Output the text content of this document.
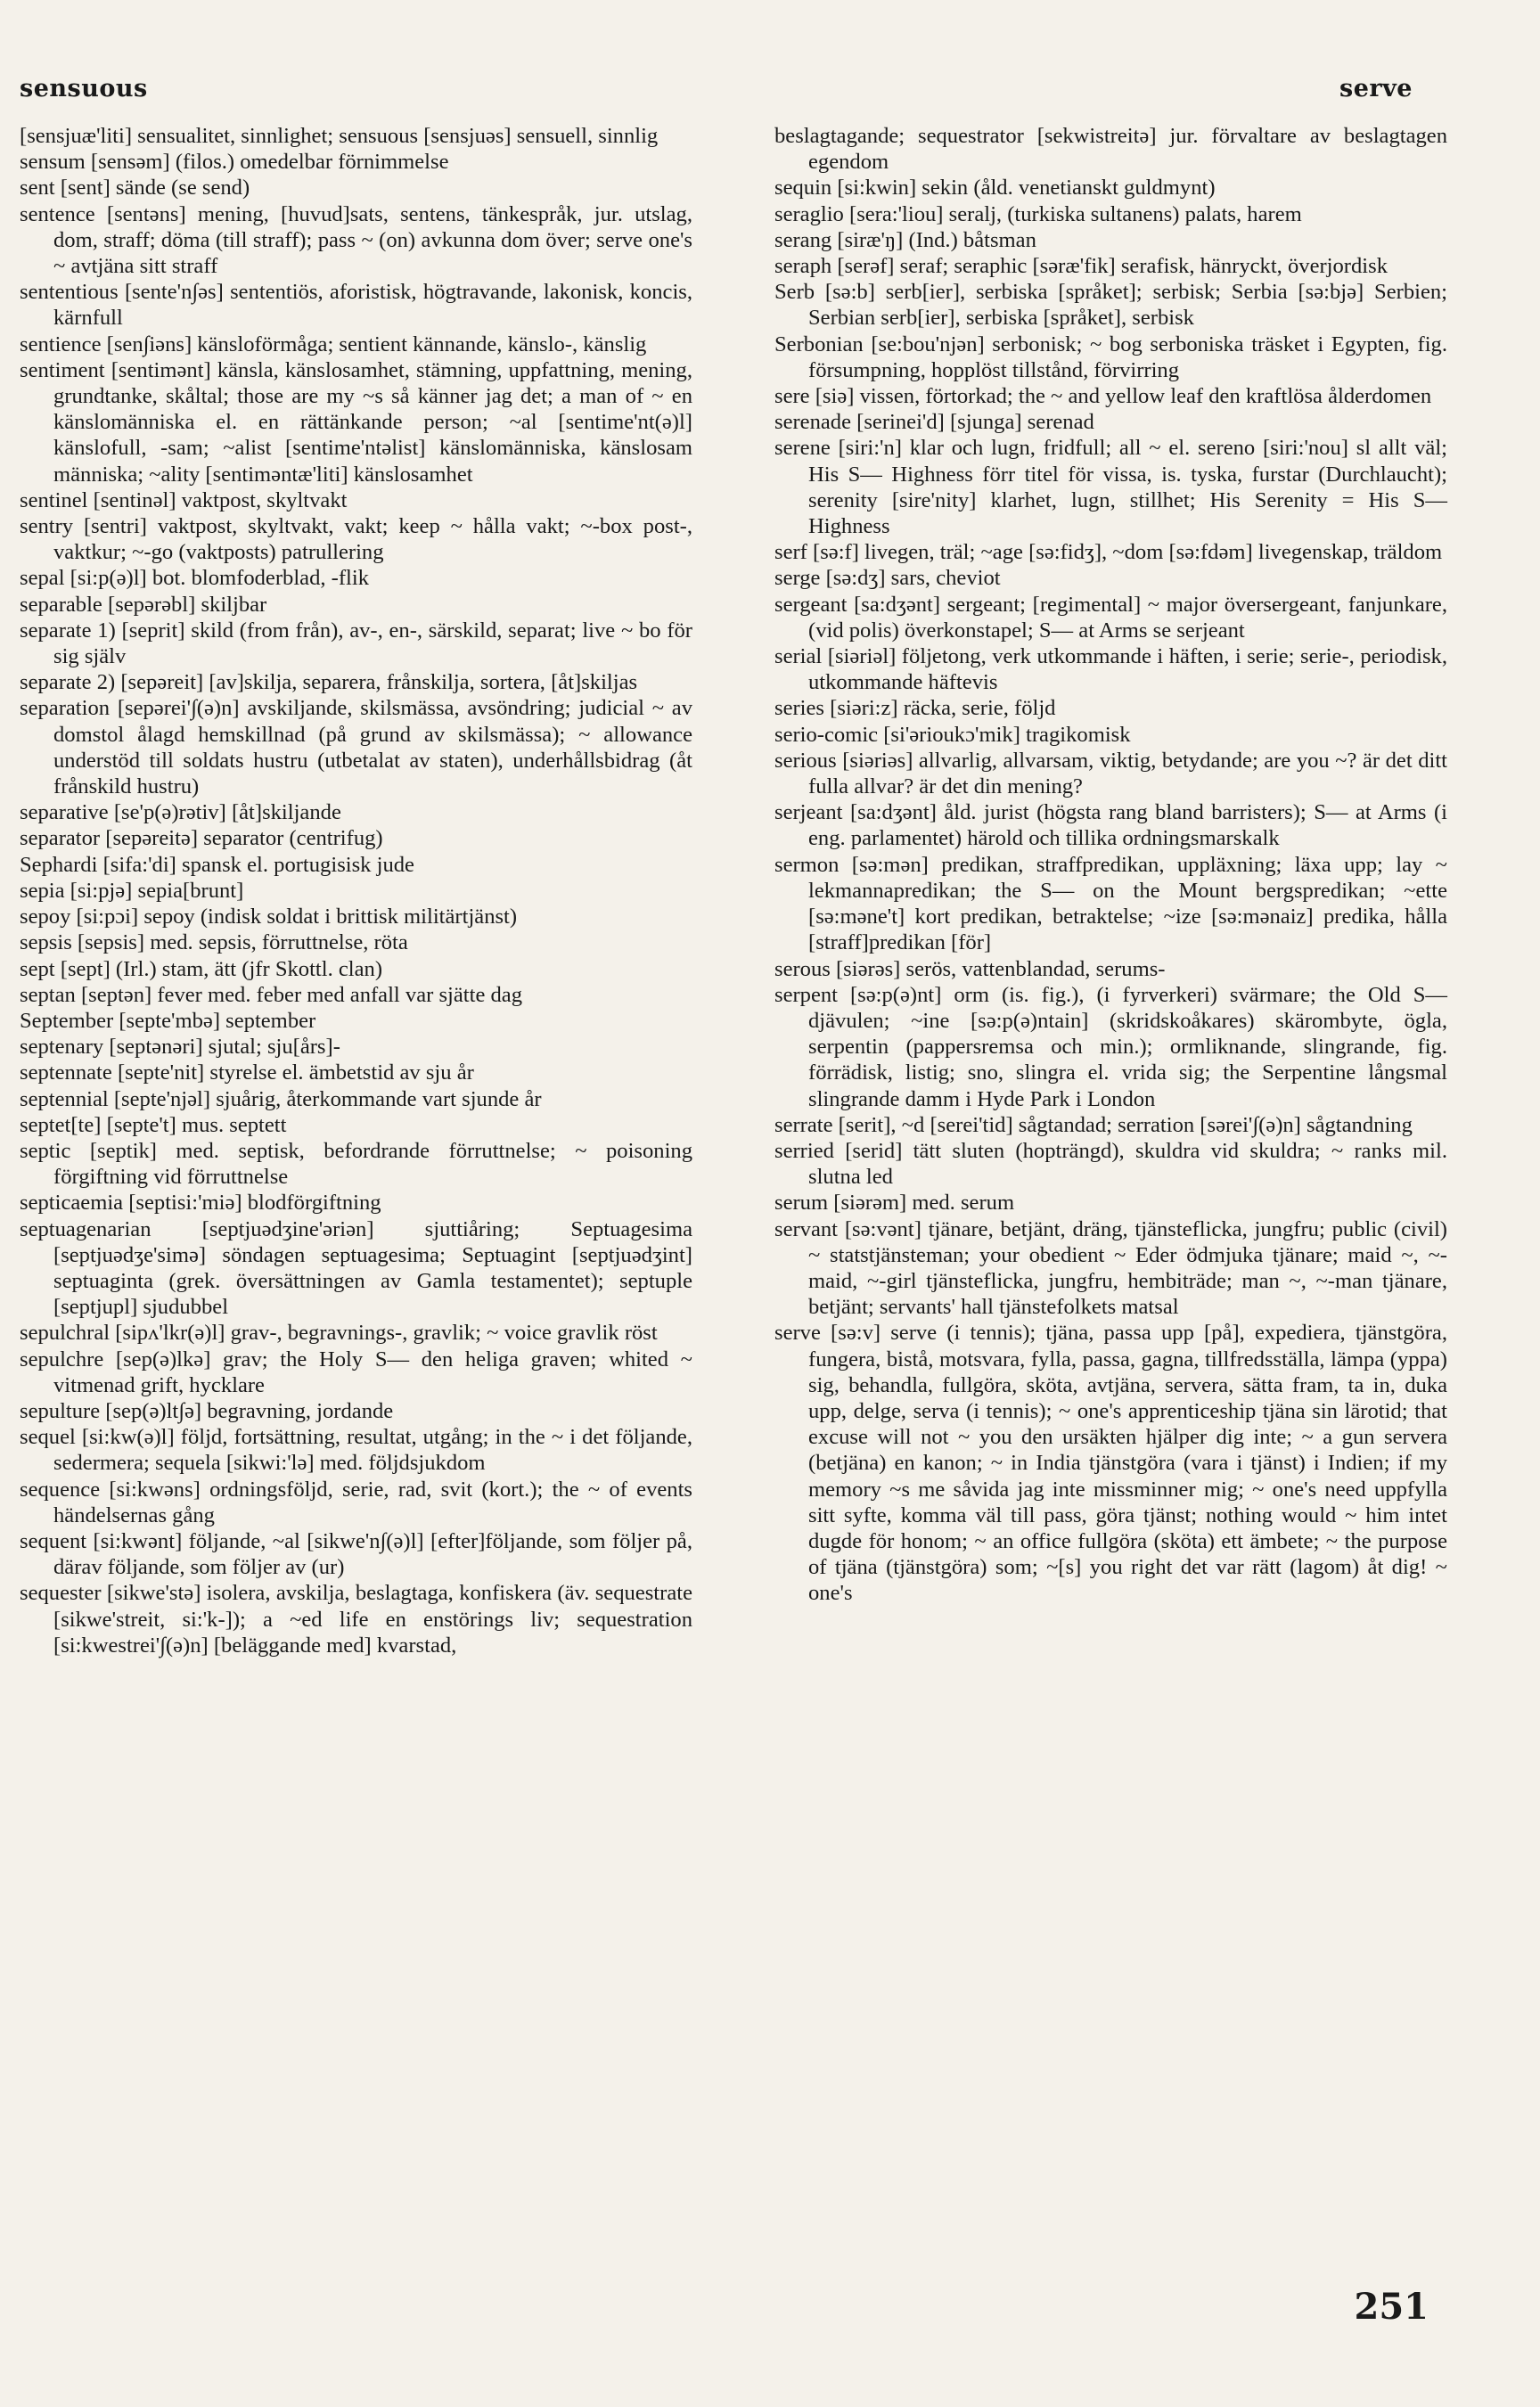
sensuous	serve

[sensjuæ'liti] sensualitet, sinnlighet; sensuous [sensjuəs] sensuell, sinnlig

sensum [sensəm] (filos.) omedelbar förnimmelse

sent [sent] sände (se send)

sentence [sentəns] mening, [huvud]sats, sentens, tänkespråk, jur. utslag, dom, straff; döma (till straff); pass ~ (on) avkunna dom över; serve one's ~ avtjäna sitt straff

sententious [sente'n∫əs] sententiös, aforistisk, högtravande, lakonisk, koncis, kärnfull

sentience [sen∫iəns] känsloförmåga; sentient kännande, känslo-, känslig

sentiment [sentimənt] känsla, känslosamhet, stämning, uppfattning, mening, grundtanke, skåltal; those are my ~s så känner jag det; a man of ~ en känslomänniska el. en rättänkande person; ~al [sentime'nt(ə)l] känslofull, -sam; ~alist [sentime'ntəlist] känslomänniska, känslosam människa; ~ality [sentiməntæ'liti] känslosamhet

sentinel [sentinəl] vaktpost, skyltvakt

sentry [sentri] vaktpost, skyltvakt, vakt; keep ~ hålla vakt; ~-box post-, vaktkur; ~-go (vaktposts) patrullering

sepal [si:p(ə)l] bot. blomfoderblad, -flik

separable [sepərəbl] skiljbar

separate 1) [seprit] skild (from från), av-, en-, särskild, separat; live ~ bo för sig själv

separate 2) [sepəreit] [av]skilja, separera, frånskilja, sortera, [åt]skiljas

separation [sepərei'∫(ə)n] avskiljande, skilsmässa, avsöndring; judicial ~ av domstol ålagd hemskillnad (på grund av skilsmässa); ~ allowance understöd till soldats hustru (utbetalat av staten), underhållsbidrag (åt frånskild hustru)

separative [se'p(ə)rətiv] [åt]skiljande

separator [sepəreitə] separator (centrifug)

Sephardi [sifa:'di] spansk el. portugisisk jude

sepia [si:pjə] sepia[brunt]

sepoy [si:pɔi] sepoy (indisk soldat i brittisk militärtjänst)

sepsis [sepsis] med. sepsis, förruttnelse, röta

sept [sept] (Irl.) stam, ätt (jfr Skottl. clan)

septan [septən] fever med. feber med anfall var sjätte dag

September [septe'mbə] september

septenary [septənəri] sjutal; sju[års]-

septennate [septe'nit] styrelse el. ämbetstid av sju år

septennial [septe'njəl] sjuårig, återkommande vart sjunde år

septet[te] [septe't] mus. septett

septic [septik] med. septisk, befordrande förruttnelse; ~ poisoning förgiftning vid förruttnelse

septicaemia [septisi:'miə] blodförgiftning

septuagenarian [septjuədʒine'əriən] sjuttiåring; Septuagesima [septjuədʒe'simə] söndagen septuagesima; Septuagint [septjuədʒint] septuaginta (grek. översättningen av Gamla testamentet); septuple [septjupl] sjudubbel

sepulchral [sipʌ'lkr(ə)l] grav-, begravnings-, gravlik; ~ voice gravlik röst

sepulchre [sep(ə)lkə] grav; the Holy S— den heliga graven; whited ~ vitmenad grift, hycklare

sepulture [sep(ə)lt∫ə] begravning, jordande

sequel [si:kw(ə)l] följd, fortsättning, resultat, utgång; in the ~ i det följande, sedermera; sequela [sikwi:'lə] med. följdsjukdom

sequence [si:kwəns] ordningsföljd, serie, rad, svit (kort.); the ~ of events händelsernas gång

sequent [si:kwənt] följande, ~al [sikwe'n∫(ə)l] [efter]följande, som följer på, därav följande, som följer av (ur)

sequester [sikwe'stə] isolera, avskilja, beslagtaga, konfiskera (äv. sequestrate [sikwe'streit, si:'k-]); a ~ed life en enstörings liv; sequestration [si:kwestrei'∫(ə)n] [beläggande med] kvarstad,

beslagtagande; sequestrator [sekwistreitə] jur. förvaltare av beslagtagen egendom

sequin [si:kwin] sekin (åld. venetianskt guldmynt)

seraglio [sera:'liou] seralj, (turkiska sultanens) palats, harem

serang [siræ'ŋ] (Ind.) båtsman

seraph [serəf] seraf; seraphic [səræ'fik] serafisk, hänryckt, överjordisk

Serb [sə:b] serb[ier], serbiska [språket]; serbisk; Serbia [sə:bjə] Serbien; Serbian serb[ier], serbiska [språket], serbisk

Serbonian [se:bou'njən] serbonisk; ~ bog serboniska träsket i Egypten, fig. försumpning, hopplöst tillstånd, förvirring

sere [siə] vissen, förtorkad; the ~ and yellow leaf den kraftlösa ålderdomen

serenade [serinei'd] [sjunga] serenad

serene [siri:'n] klar och lugn, fridfull; all ~ el. sereno [siri:'nou] sl allt väl; His S— Highness förr titel för vissa, is. tyska, furstar (Durchlaucht); serenity [sire'nity] klarhet, lugn, stillhet; His Serenity = His S— Highness

serf [sə:f] livegen, träl; ~age [sə:fidʒ], ~dom [sə:fdəm] livegenskap, träldom

serge [sə:dʒ] sars, cheviot

sergeant [sa:dʒənt] sergeant; [regimental] ~ major översergeant, fanjunkare, (vid polis) överkonstapel; S— at Arms se serjeant

serial [siəriəl] följetong, verk utkommande i häften, i serie; serie-, periodisk, utkommande häftevis

series [siəri:z] räcka, serie, följd

serio-comic [si'ərioukɔ'mik] tragikomisk

serious [siəriəs] allvarlig, allvarsam, viktig, betydande; are you ~? är det ditt fulla allvar? är det din mening?

serjeant [sa:dʒənt] åld. jurist (högsta rang bland barristers); S— at Arms (i eng. parlamentet) härold och tillika ordningsmarskalk

sermon [sə:mən] predikan, straffpredikan, uppläxning; läxa upp; lay ~ lekmannapredikan; the S— on the Mount bergspredikan; ~ette [sə:məne't] kort predikan, betraktelse; ~ize [sə:mənaiz] predika, hålla [straff]predikan [för]

serous [siərəs] serös, vattenblandad, serums-

serpent [sə:p(ə)nt] orm (is. fig.), (i fyrverkeri) svärmare; the Old S— djävulen; ~ine [sə:p(ə)ntain] (skridskoåkares) skärombyte, ögla, serpentin (pappersremsa och min.); ormliknande, slingrande, fig. förrädisk, listig; sno, slingra el. vrida sig; the Serpentine långsmal slingrande damm i Hyde Park i London

serrate [serit], ~d [serei'tid] sågtandad; serration [sərei'∫(ə)n] sågtandning

serried [serid] tätt sluten (hopträngd), skuldra vid skuldra; ~ ranks mil. slutna led

serum [siərəm] med. serum

servant [sə:vənt] tjänare, betjänt, dräng, tjänsteflicka, jungfru; public (civil) ~ statstjänsteman; your obedient ~ Eder ödmjuka tjänare; maid ~, ~-maid, ~-girl tjänsteflicka, jungfru, hembiträde; man ~, ~-man tjänare, betjänt; servants' hall tjänstefolkets matsal

serve [sə:v] serve (i tennis); tjäna, passa upp [på], expediera, tjänstgöra, fungera, bistå, motsvara, fylla, passa, gagna, tillfredsställa, lämpa (yppa) sig, behandla, fullgöra, sköta, avtjäna, servera, sätta fram, ta in, duka upp, delge, serva (i tennis); ~ one's apprenticeship tjäna sin lärotid; that excuse will not ~ you den ursäkten hjälper dig inte; ~ a gun servera (betjäna) en kanon; ~ in India tjänstgöra (vara i tjänst) i Indien; if my memory ~s me såvida jag inte missminner mig; ~ one's need uppfylla sitt syfte, komma väl till pass, göra tjänst; nothing would ~ him intet dugde för honom; ~ an office fullgöra (sköta) ett ämbete; ~ the purpose of tjäna (tjänstgöra) som; ~[s] you right det var rätt (lagom) åt dig! ~ one's

251
